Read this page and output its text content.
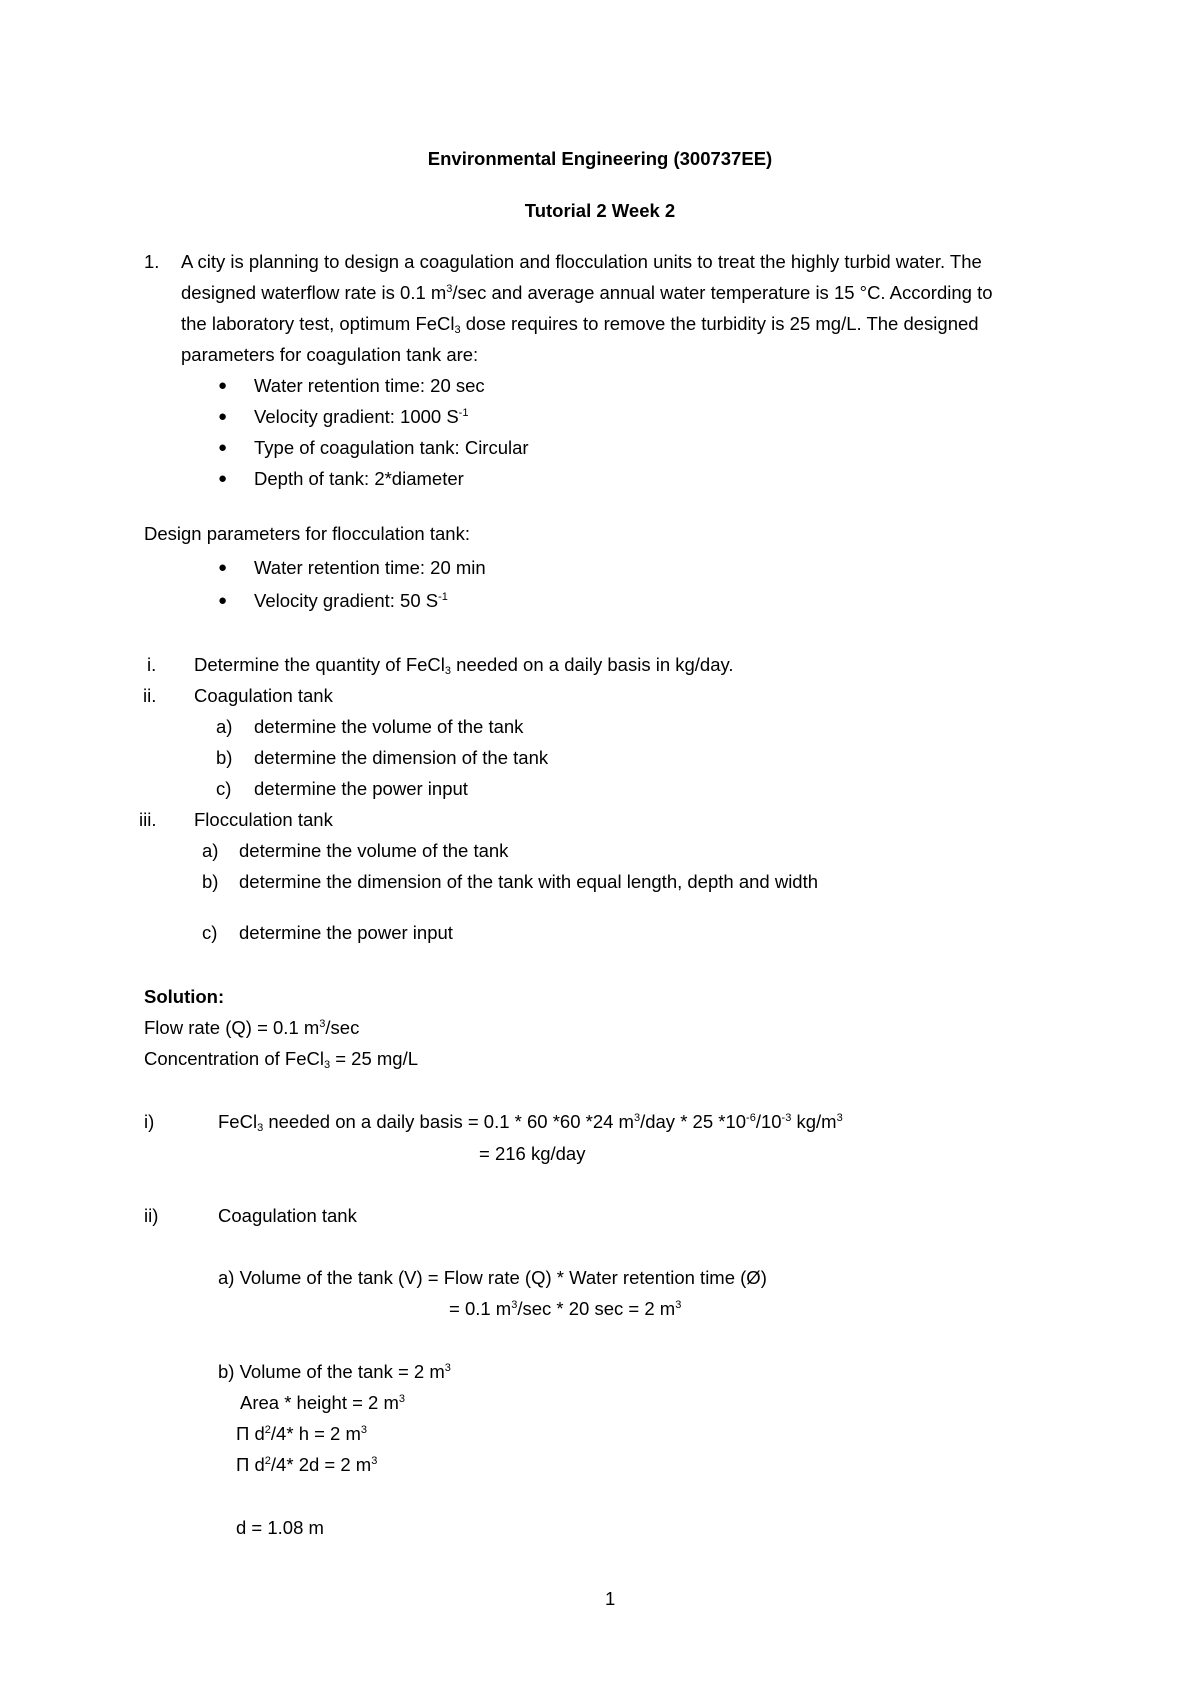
Environmental Engineering (300737EE)
Tutorial 2 Week 2
1. A city is planning to design a coagulation and flocculation units to treat the highly turbid water. The
designed waterflow rate is 0.1 $m^3/\sec$ and average annual water temperature is 15 °C. According to
the laboratory test, optimum FeCl$_3$ dose requires to remove the turbidity is 25 mg/L. The designed
parameters for coagulation tank are:
● Water retention time: 20 sec
● Velocity gradient: 1000 $S^{-1}$
● Type of coagulation tank: Circular
● Depth of tank: 2*diameter
Design parameters for flocculation tank:
● Water retention time: 20 min
● Velocity gradient: 50 $S^{-1}$
i. Determine the quantity of FeCl$_3$ needed on a daily basis in kg/day.
ii. Coagulation tank
a) determine the volume of the tank
b) determine the dimension of the tank
c) determine the power input
iii. Flocculation tank
a) determine the volume of the tank
b) determine the dimension of the tank with equal length, depth and width
c) determine the power input
Solution:
Flow rate (Q) = 0.1 $m^3/\sec$
Concentration of FeCl$_3$ = 25 mg/L
i)	FeCl$_3$ needed on a daily basis = 0.1 * 60 *60 *24 $m^3$/day * 25 $*10^{-6}/10^{-3}$ $kg/m^3$
= 216 kg/day
ii)	Coagulation tank
a) Volume of the tank (V) = Flow rate (Q) * Water retention time (Ø)
= 0.1 $m^3/\sec * 20$ sec = 2 $m^3$
b) Volume of the tank = 2 $m^3$
Area * height = 2 $m^3$
Π $d^2/4*$ h = 2 $m^3$
Π $d^2/4*$ 2d = 2 $m^3$
d = 1.08 m
1
